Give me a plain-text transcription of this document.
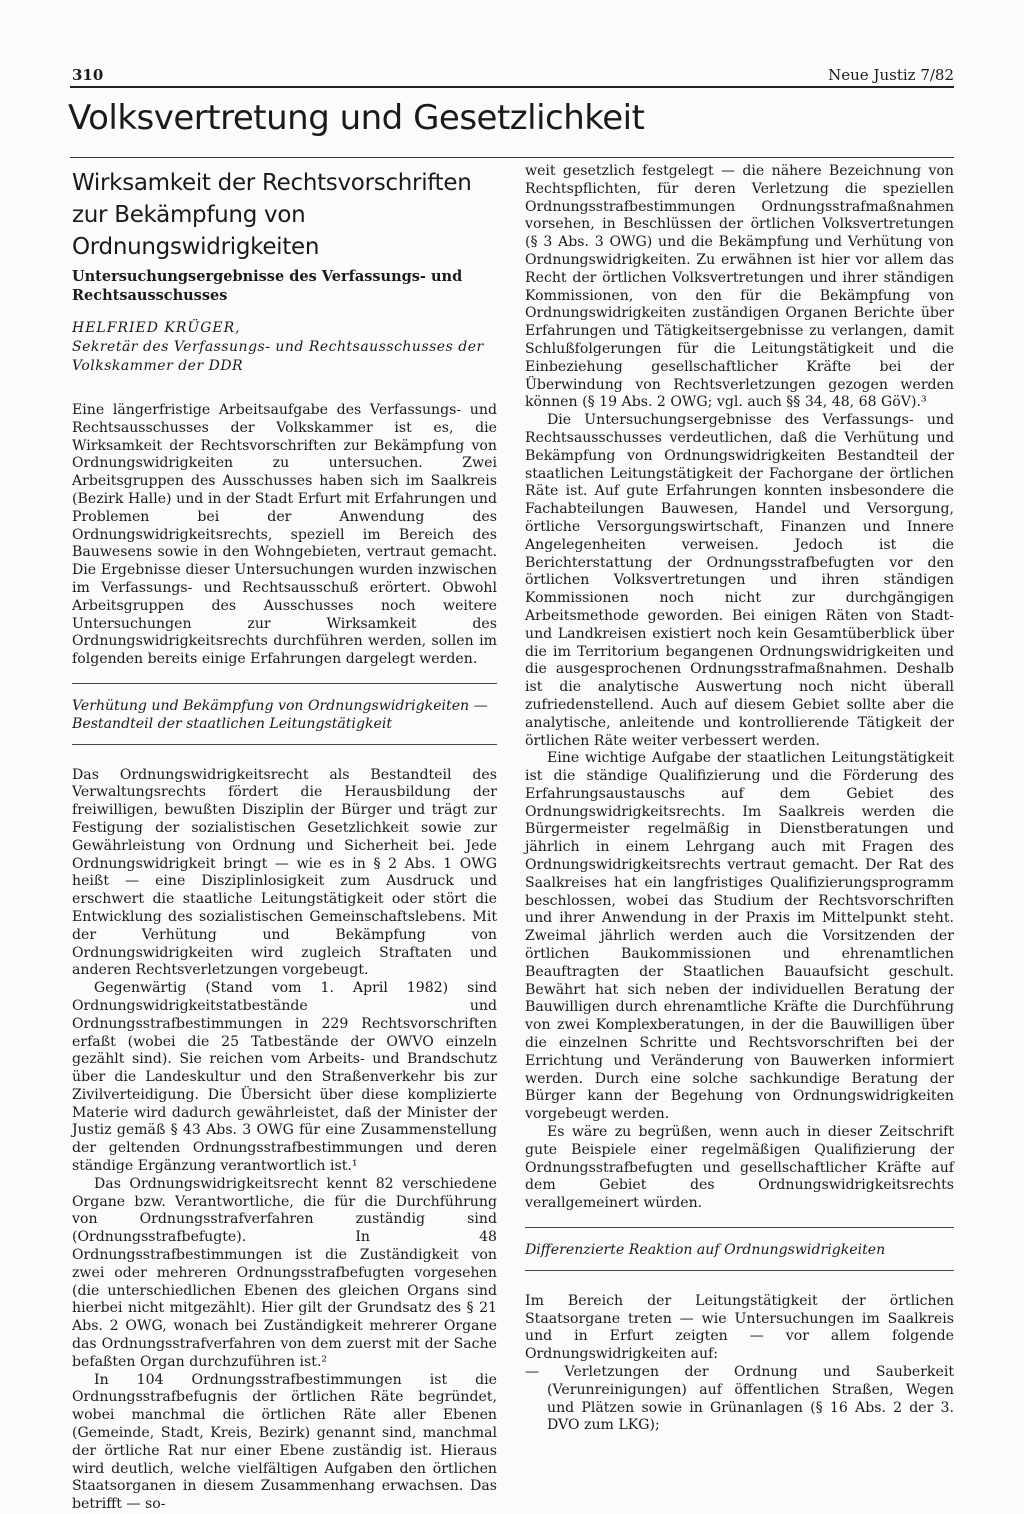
310	Neue Justiz 7/82
Volksvertretung und Gesetzlichkeit
Wirksamkeit der Rechtsvorschriften zur Bekämpfung von Ordnungswidrigkeiten
Untersuchungsergebnisse des Verfassungs- und Rechtsausschusses
HELFRIED KRÜGER,
Sekretär des Verfassungs- und Rechtsausschusses der Volkskammer der DDR

Eine längerfristige Arbeitsaufgabe des Verfassungs- und Rechtsausschusses der Volkskammer ist es, die Wirksamkeit der Rechtsvorschriften zur Bekämpfung von Ordnungswidrigkeiten zu untersuchen. Zwei Arbeitsgruppen des Ausschusses haben sich im Saalkreis (Bezirk Halle) und in der Stadt Erfurt mit Erfahrungen und Problemen bei der Anwendung des Ordnungswidrigkeitsrechts, speziell im Bereich des Bauwesens sowie in den Wohngebieten, vertraut gemacht. Die Ergebnisse dieser Untersuchungen wurden inzwischen im Verfassungs- und Rechtsausschuß erörtert. Obwohl Arbeitsgruppen des Ausschusses noch weitere Untersuchungen zur Wirksamkeit des Ordnungswidrigkeitsrechts durchführen werden, sollen im folgenden bereits einige Erfahrungen dargelegt werden.

Verhütung und Bekämpfung von Ordnungswidrigkeiten — Bestandteil der staatlichen Leitungstätigkeit

Das Ordnungswidrigkeitsrecht als Bestandteil des Verwaltungsrechts fördert die Herausbildung der freiwilligen, bewußten Disziplin der Bürger und trägt zur Festigung der sozialistischen Gesetzlichkeit sowie zur Gewährleistung von Ordnung und Sicherheit bei. Jede Ordnungswidrigkeit bringt — wie es in § 2 Abs. 1 OWG heißt — eine Disziplinlosigkeit zum Ausdruck und erschwert die staatliche Leitungstätigkeit oder stört die Entwicklung des sozialistischen Gemeinschaftslebens. Mit der Verhütung und Bekämpfung von Ordnungswidrigkeiten wird zugleich Straftaten und anderen Rechtsverletzungen vorgebeugt.

Gegenwärtig (Stand vom 1. April 1982) sind Ordnungswidrigkeitstatbestände und Ordnungsstrafbestimmungen in 229 Rechtsvorschriften erfaßt (wobei die 25 Tatbestände der OWVO einzeln gezählt sind). Sie reichen vom Arbeits- und Brandschutz über die Landeskultur und den Straßenverkehr bis zur Zivilverteidigung. Die Übersicht über diese komplizierte Materie wird dadurch gewährleistet, daß der Minister der Justiz gemäß § 43 Abs. 3 OWG für eine Zusammenstellung der geltenden Ordnungsstrafbestimmungen und deren ständige Ergänzung verantwortlich ist.¹

Das Ordnungswidrigkeitsrecht kennt 82 verschiedene Organe bzw. Verantwortliche, die für die Durchführung von Ordnungsstrafverfahren zuständig sind (Ordnungsstrafbefugte). In 48 Ordnungsstrafbestimmungen ist die Zuständigkeit von zwei oder mehreren Ordnungsstrafbefugten vorgesehen (die unterschiedlichen Ebenen des gleichen Organs sind hierbei nicht mitgezählt). Hier gilt der Grundsatz des § 21 Abs. 2 OWG, wonach bei Zuständigkeit mehrerer Organe das Ordnungsstrafverfahren von dem zuerst mit der Sache befaßten Organ durchzuführen ist.²

In 104 Ordnungsstrafbestimmungen ist die Ordnungsstrafbefugnis der örtlichen Räte begründet, wobei manchmal die örtlichen Räte aller Ebenen (Gemeinde, Stadt, Kreis, Bezirk) genannt sind, manchmal der örtliche Rat nur einer Ebene zuständig ist. Hieraus wird deutlich, welche vielfältigen Aufgaben den örtlichen Staatsorganen in diesem Zusammenhang erwachsen. Das betrifft — so-

weit gesetzlich festgelegt — die nähere Bezeichnung von Rechtspflichten, für deren Verletzung die speziellen Ordnungsstrafbestimmungen Ordnungsstrafmaßnahmen vorsehen, in Beschlüssen der örtlichen Volksvertretungen (§ 3 Abs. 3 OWG) und die Bekämpfung und Verhütung von Ordnungswidrigkeiten. Zu erwähnen ist hier vor allem das Recht der örtlichen Volksvertretungen und ihrer ständigen Kommissionen, von den für die Bekämpfung von Ordnungswidrigkeiten zuständigen Organen Berichte über Erfahrungen und Tätigkeitsergebnisse zu verlangen, damit Schlußfolgerungen für die Leitungstätigkeit und die Einbeziehung gesellschaftlicher Kräfte bei der Überwindung von Rechtsverletzungen gezogen werden können (§ 19 Abs. 2 OWG; vgl. auch §§ 34, 48, 68 GöV).³

Die Untersuchungsergebnisse des Verfassungs- und Rechtsausschusses verdeutlichen, daß die Verhütung und Bekämpfung von Ordnungswidrigkeiten Bestandteil der staatlichen Leitungstätigkeit der Fachorgane der örtlichen Räte ist. Auf gute Erfahrungen konnten insbesondere die Fachabteilungen Bauwesen, Handel und Versorgung, örtliche Versorgungswirtschaft, Finanzen und Innere Angelegenheiten verweisen. Jedoch ist die Berichterstattung der Ordnungsstrafbefugten vor den örtlichen Volksvertretungen und ihren ständigen Kommissionen noch nicht zur durchgängigen Arbeitsmethode geworden. Bei einigen Räten von Stadt- und Landkreisen existiert noch kein Gesamtüberblick über die im Territorium begangenen Ordnungswidrigkeiten und die ausgesprochenen Ordnungsstrafmaßnahmen. Deshalb ist die analytische Auswertung noch nicht überall zufriedenstellend. Auch auf diesem Gebiet sollte aber die analytische, anleitende und kontrollierende Tätigkeit der örtlichen Räte weiter verbessert werden.

Eine wichtige Aufgabe der staatlichen Leitungstätigkeit ist die ständige Qualifizierung und die Förderung des Erfahrungsaustauschs auf dem Gebiet des Ordnungswidrigkeitsrechts. Im Saalkreis werden die Bürgermeister regelmäßig in Dienstberatungen und jährlich in einem Lehrgang auch mit Fragen des Ordnungswidrigkeitsrechts vertraut gemacht. Der Rat des Saalkreises hat ein langfristiges Qualifizierungsprogramm beschlossen, wobei das Studium der Rechtsvorschriften und ihrer Anwendung in der Praxis im Mittelpunkt steht. Zweimal jährlich werden auch die Vorsitzenden der örtlichen Baukommissionen und ehrenamtlichen Beauftragten der Staatlichen Bauaufsicht geschult. Bewährt hat sich neben der individuellen Beratung der Bauwilligen durch ehrenamtliche Kräfte die Durchführung von zwei Komplexberatungen, in der die Bauwilligen über die einzelnen Schritte und Rechtsvorschriften bei der Errichtung und Veränderung von Bauwerken informiert werden. Durch eine solche sachkundige Beratung der Bürger kann der Begehung von Ordnungswidrigkeiten vorgebeugt werden.

Es wäre zu begrüßen, wenn auch in dieser Zeitschrift gute Beispiele einer regelmäßigen Qualifizierung der Ordnungsstrafbefugten und gesellschaftlicher Kräfte auf dem Gebiet des Ordnungswidrigkeitsrechts verallgemeinert würden.

Differenzierte Reaktion auf Ordnungswidrigkeiten

Im Bereich der Leitungstätigkeit der örtlichen Staatsorgane treten — wie Untersuchungen im Saalkreis und in Erfurt zeigten — vor allem folgende Ordnungswidrigkeiten auf:

— Verletzungen der Ordnung und Sauberkeit (Verunreinigungen) auf öffentlichen Straßen, Wegen und Plätzen sowie in Grünanlagen (§ 16 Abs. 2 der 3. DVO zum LKG);
